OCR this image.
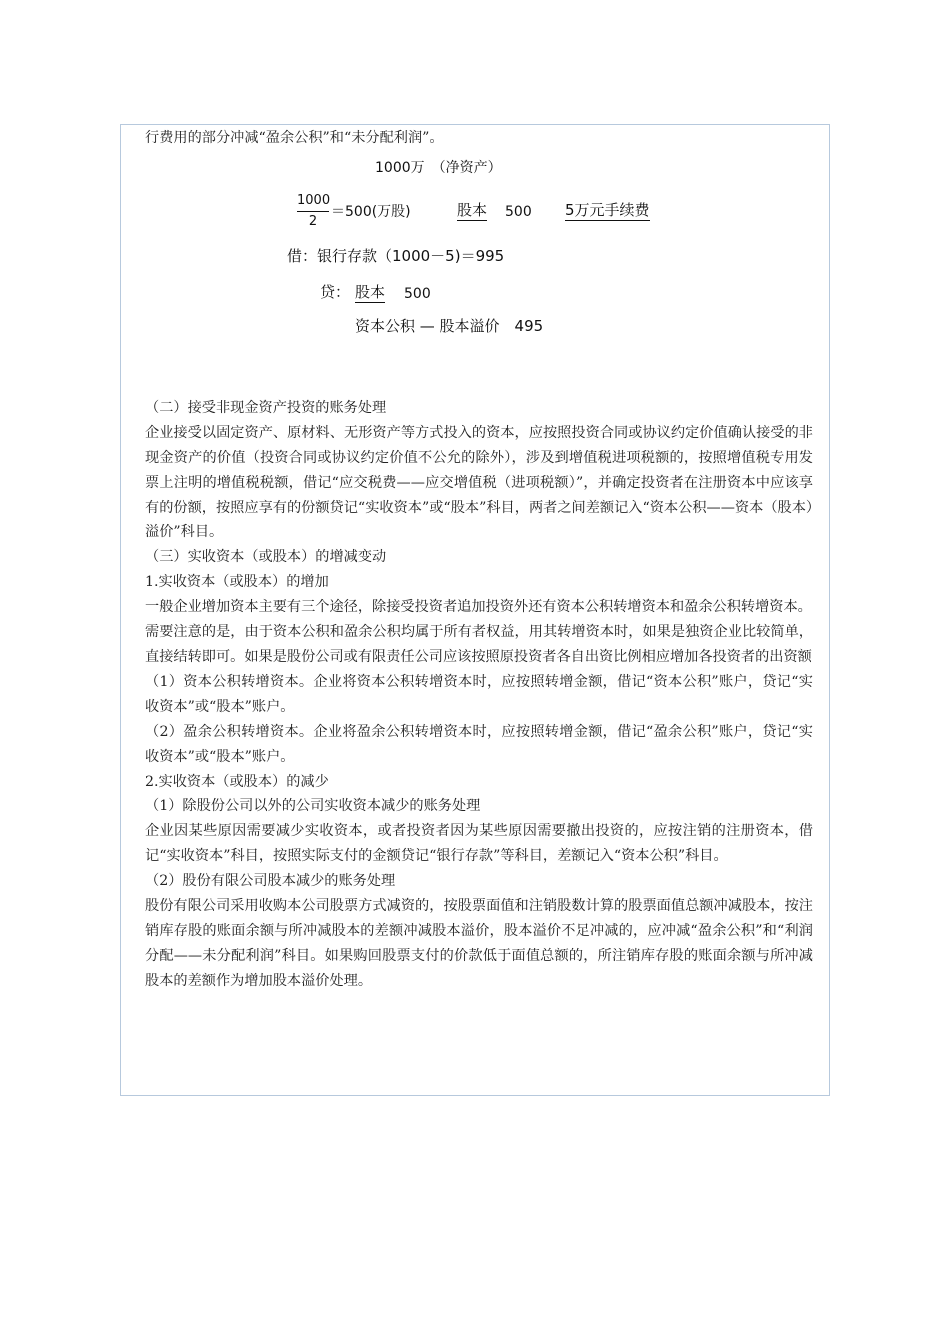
行费用的部分冲减“盈余公积”和“未分配利润”。

1000万　（净资产）
1000
2
＝500(万股)	股本 500 5万元手续费
借：银行存款（1000－5)＝995
贷： 股本 500
资本公积 — 股本溢价　495

（二）接受非现金资产投资的账务处理

企业接受以固定资产、原材料、无形资产等方式投入的资本，应按照投资合同或协议约定价值确认接受的非现金资产的价值（投资合同或协议约定价值不公允的除外），涉及到增值税进项税额的，按照增值税专用发票上注明的增值税税额，借记“应交税费——应交增值税（进项税额）”，并确定投资者在注册资本中应该享有的份额，按照应享有的份额贷记“实收资本”或“股本”科目，两者之间差额记入“资本公积——资本（股本）溢价”科目。

（三）实收资本（或股本）的增减变动

1.实收资本（或股本）的增加

一般企业增加资本主要有三个途径，除接受投资者追加投资外还有资本公积转增资本和盈余公积转增资本。

需要注意的是，由于资本公积和盈余公积均属于所有者权益，用其转增资本时，如果是独资企业比较简单，直接结转即可。如果是股份公司或有限责任公司应该按照原投资者各自出资比例相应增加各投资者的出资额

（1）资本公积转增资本。企业将资本公积转增资本时，应按照转增金额，借记“资本公积”账户，贷记“实收资本”或“股本”账户。

（2）盈余公积转增资本。企业将盈余公积转增资本时，应按照转增金额，借记“盈余公积”账户，贷记“实收资本”或“股本”账户。

2.实收资本（或股本）的减少

（1）除股份公司以外的公司实收资本减少的账务处理

企业因某些原因需要减少实收资本，或者投资者因为某些原因需要撤出投资的，应按注销的注册资本，借记“实收资本”科目，按照实际支付的金额贷记“银行存款”等科目，差额记入“资本公积”科目。

（2）股份有限公司股本减少的账务处理

股份有限公司采用收购本公司股票方式减资的，按股票面值和注销股数计算的股票面值总额冲减股本，按注销库存股的账面余额与所冲减股本的差额冲减股本溢价，股本溢价不足冲减的，应冲减“盈余公积”和“利润分配——未分配利润”科目。如果购回股票支付的价款低于面值总额的，所注销库存股的账面余额与所冲减股本的差额作为增加股本溢价处理。
